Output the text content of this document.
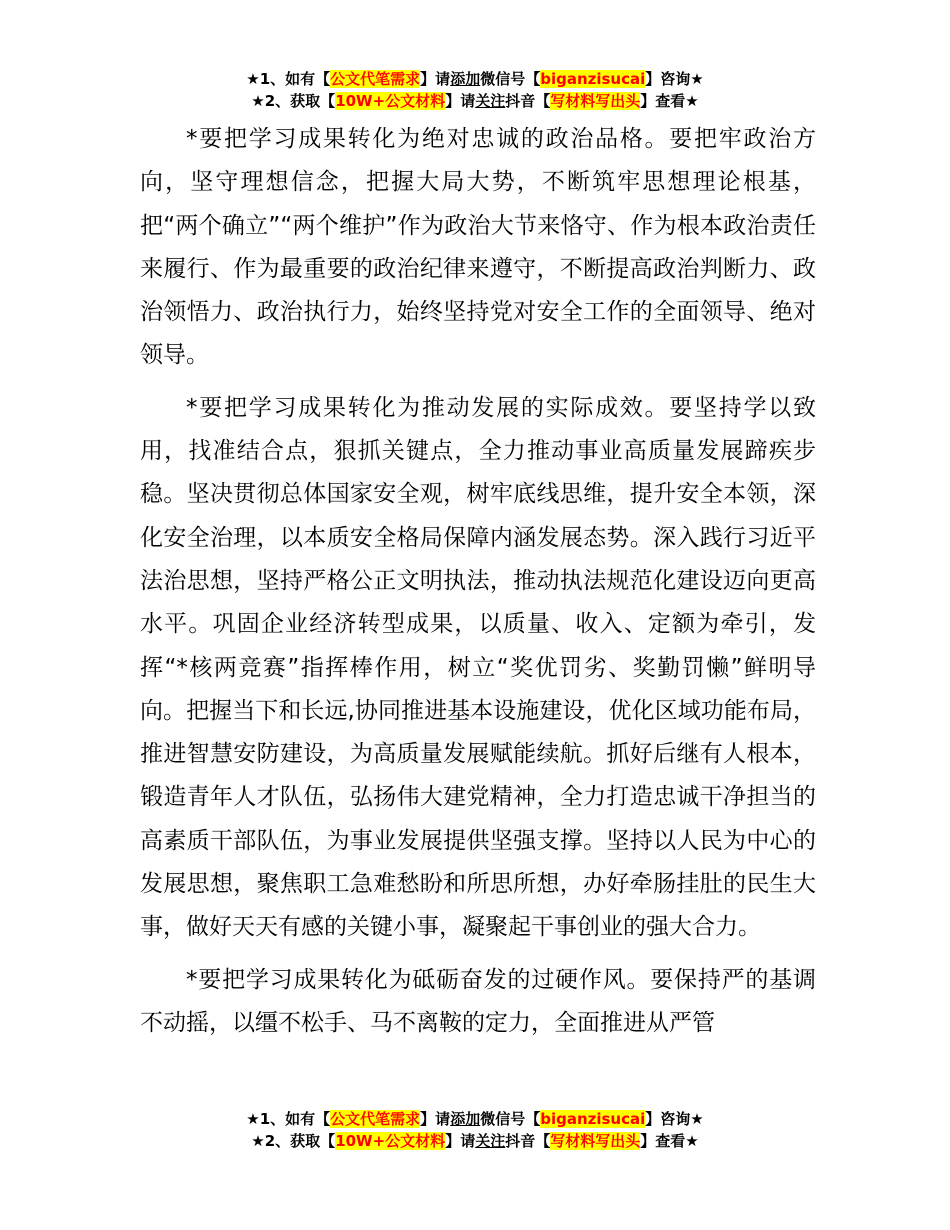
★1、如有【公文代笔需求】请添加微信号【biganzisucai】咨询★
★2、获取【10W+公文材料】请关注抖音【写材料写出头】查看★

*要把学习成果转化为绝对忠诚的政治品格。要把牢政治方向，坚守理想信念，把握大局大势，不断筑牢思想理论根基，把“两个确立”“两个维护”作为政治大节来恪守、作为根本政治责任来履行、作为最重要的政治纪律来遵守，不断提高政治判断力、政治领悟力、政治执行力，始终坚持党对安全工作的全面领导、绝对领导。

*要把学习成果转化为推动发展的实际成效。要坚持学以致用，找准结合点，狠抓关键点，全力推动事业高质量发展蹄疾步稳。坚决贯彻总体国家安全观，树牢底线思维，提升安全本领，深化安全治理，以本质安全格局保障内涵发展态势。深入践行习近平法治思想，坚持严格公正文明执法，推动执法规范化建设迈向更高水平。巩固企业经济转型成果，以质量、收入、定额为牵引，发挥“*核两竞赛”指挥棒作用，树立“奖优罚劣、奖勤罚懒”鲜明导向。把握当下和长远,协同推进基本设施建设，优化区域功能布局，推进智慧安防建设，为高质量发展赋能续航。抓好后继有人根本，锻造青年人才队伍，弘扬伟大建党精神，全力打造忠诚干净担当的高素质干部队伍，为事业发展提供坚强支撑。坚持以人民为中心的发展思想，聚焦职工急难愁盼和所思所想，办好牵肠挂肚的民生大事，做好天天有感的关键小事，凝聚起干事创业的强大合力。

*要把学习成果转化为砥砺奋发的过硬作风。要保持严的基调不动摇，以缰不松手、马不离鞍的定力，全面推进从严管

★1、如有【公文代笔需求】请添加微信号【biganzisucai】咨询★
★2、获取【10W+公文材料】请关注抖音【写材料写出头】查看★
